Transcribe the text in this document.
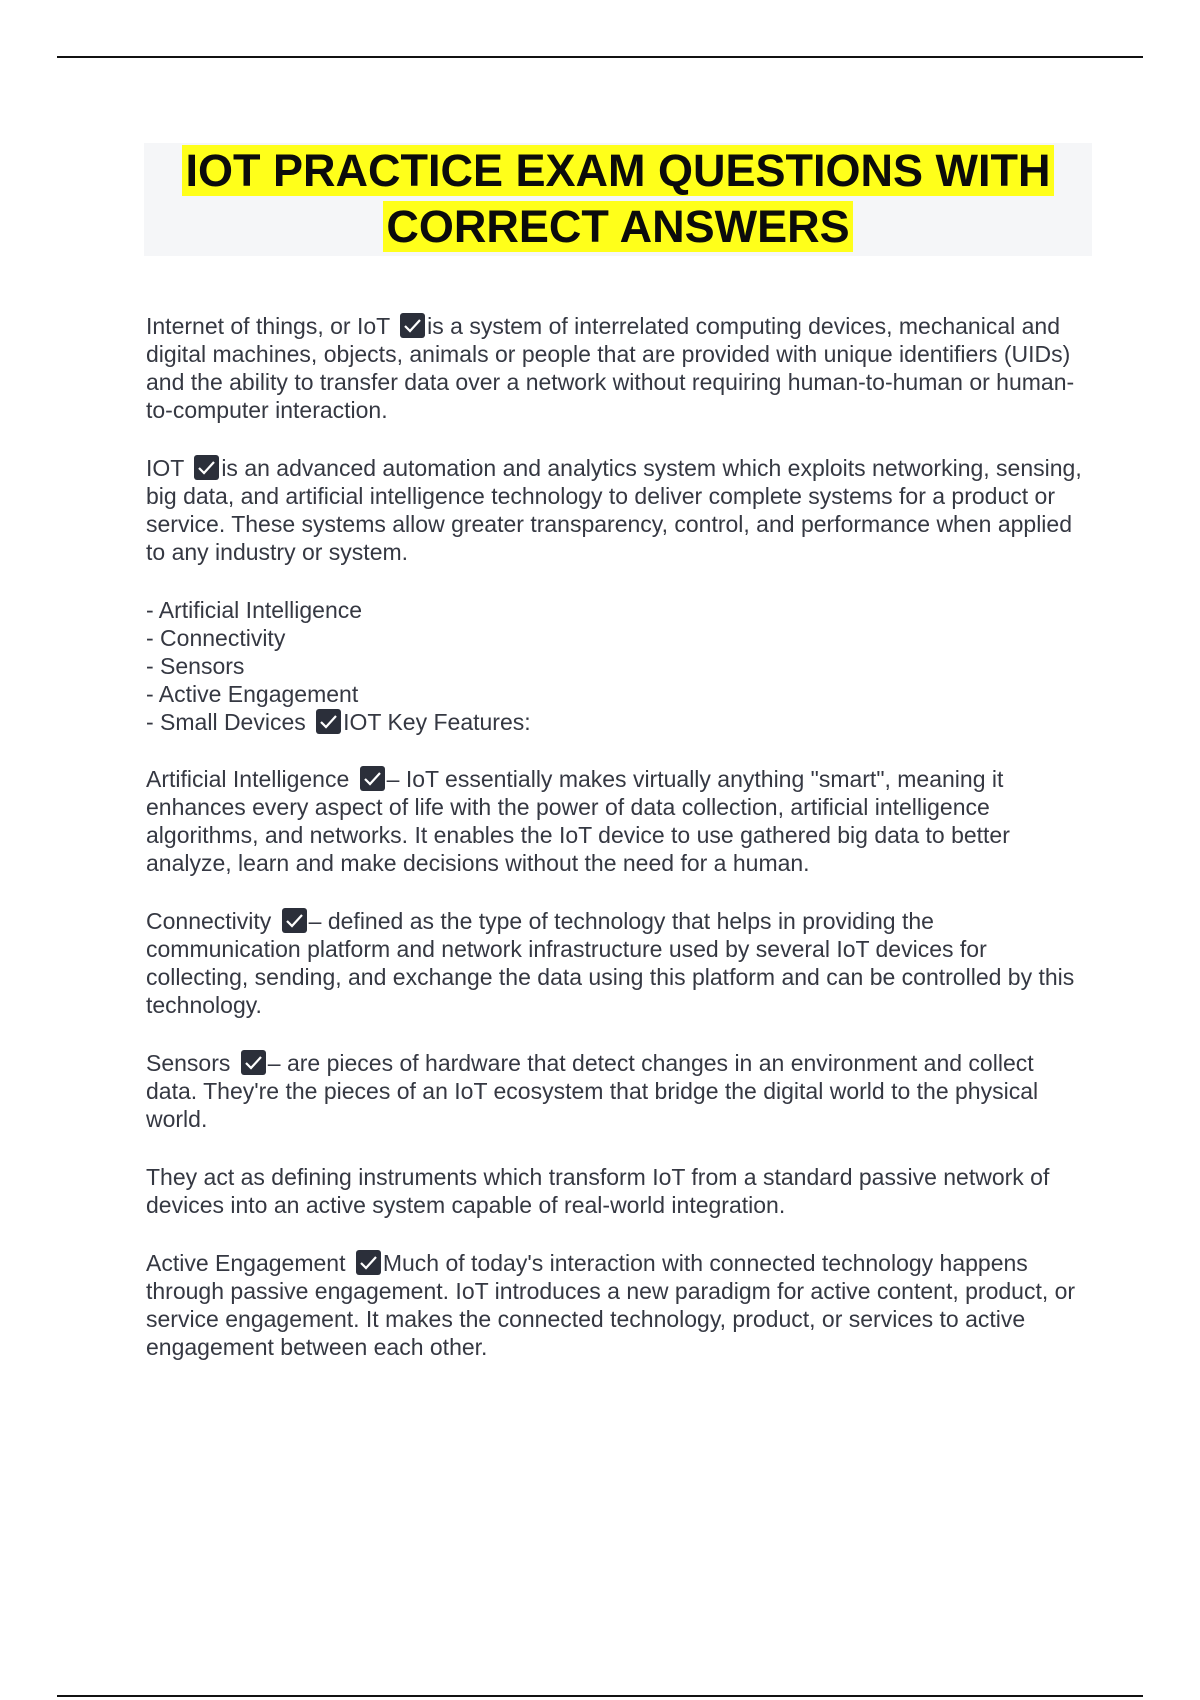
IOT PRACTICE EXAM QUESTIONS WITH

CORRECT ANSWERS

Internet of things, or IoT is a system of interrelated computing devices, mechanical and digital machines, objects, animals or people that are provided with unique identifiers (UIDs) and the ability to transfer data over a network without requiring human-to-human or human-to-computer interaction.

IOT is an advanced automation and analytics system which exploits networking, sensing, big data, and artificial intelligence technology to deliver complete systems for a product or service. These systems allow greater transparency, control, and performance when applied to any industry or system.

- Artificial Intelligence

- Connectivity

- Sensors

- Active Engagement

- Small Devices IOT Key Features:

Artificial Intelligence – IoT essentially makes virtually anything "smart", meaning it enhances every aspect of life with the power of data collection, artificial intelligence algorithms, and networks. It enables the IoT device to use gathered big data to better analyze, learn and make decisions without the need for a human.

Connectivity – defined as the type of technology that helps in providing the communication platform and network infrastructure used by several IoT devices for collecting, sending, and exchange the data using this platform and can be controlled by this technology.

Sensors – are pieces of hardware that detect changes in an environment and collect data. They're the pieces of an IoT ecosystem that bridge the digital world to the physical world.

They act as defining instruments which transform IoT from a standard passive network of devices into an active system capable of real-world integration.

Active Engagement Much of today's interaction with connected technology happens through passive engagement. IoT introduces a new paradigm for active content, product, or service engagement. It makes the connected technology, product, or services to active engagement between each other.
